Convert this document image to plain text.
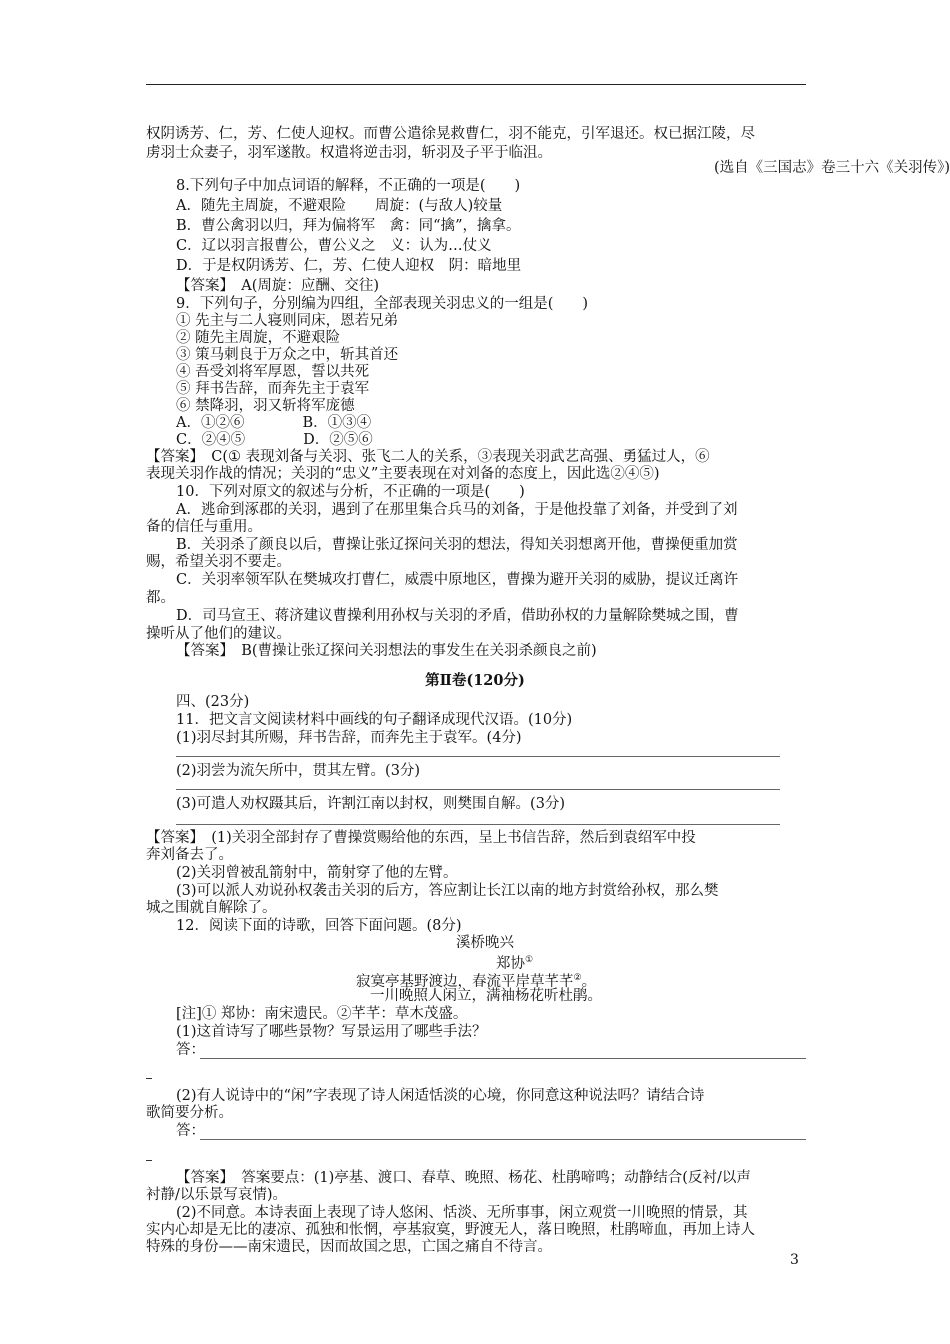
权阴诱芳、仁，芳、仁使人迎权。而曹公遣徐晃救曹仁，羽不能克，引军退还。权已据江陵，尽
虏羽士众妻子，羽军遂散。权遣将逆击羽，斩羽及子平于临沮。
(选自《三国志》卷三十六《关羽传》)
8.下列句子中加点词语的解释，不正确的一项是(　　)
A．随先主周旋，不避艰险　　周旋：(与敌人)较量
B．曹公禽羽以归，拜为偏将军　禽：同“擒”，擒拿。
C．辽以羽言报曹公，曹公义之　义：认为…仗义
D．于是权阴诱芳、仁，芳、仁使人迎权　阴：暗地里
【答案】　A(周旋：应酬、交往)
9．下列句子，分别编为四组，全部表现关羽忠义的一组是(　　)
① 先主与二人寝则同床，恩若兄弟
② 随先主周旋，不避艰险
③ 策马刺良于万众之中，斩其首还
④ 吾受刘将军厚恩，誓以共死
⑤ 拜书告辞，而奔先主于袁军
⑥ 禁降羽，羽又斩将军庞德
A．①②⑥　　　　B．①③④
C．②④⑤　　　　D．②⑤⑥
【答案】　C(① 表现刘备与关羽、张飞二人的关系，③表现关羽武艺高强、勇猛过人，⑥
表现关羽作战的情况；关羽的“忠义”主要表现在对刘备的态度上，因此选②④⑤)
10．下列对原文的叙述与分析，不正确的一项是(　　)
A．逃命到涿郡的关羽，遇到了在那里集合兵马的刘备，于是他投靠了刘备，并受到了刘
备的信任与重用。
B．关羽杀了颜良以后，曹操让张辽探问关羽的想法，得知关羽想离开他，曹操便重加赏
赐，希望关羽不要走。
C．关羽率领军队在樊城攻打曹仁，威震中原地区，曹操为避开关羽的威胁，提议迁离许
都。
D．司马宣王、蒋济建议曹操利用孙权与关羽的矛盾，借助孙权的力量解除樊城之围，曹
操听从了他们的建议。
【答案】　B(曹操让张辽探问关羽想法的事发生在关羽杀颜良之前)
第Ⅱ卷(120分)
四、(23分)
11．把文言文阅读材料中画线的句子翻译成现代汉语。(10分)
(1)羽尽封其所赐，拜书告辞，而奔先主于袁军。(4分)
(2)羽尝为流矢所中，贯其左臂。(3分)
(3)可遣人劝权蹑其后，许割江南以封权，则樊围自解。(3分)
【答案】　(1)关羽全部封存了曹操赏赐给他的东西，呈上书信告辞，然后到袁绍军中投
奔刘备去了。
(2)关羽曾被乱箭射中，箭射穿了他的左臂。
(3)可以派人劝说孙权袭击关羽的后方，答应割让长江以南的地方封赏给孙权，那么樊
城之围就自解除了。
12．阅读下面的诗歌，回答下面问题。(8分)
溪桥晚兴
郑协①
寂寞亭基野渡边，春流平岸草芊芊②。
一川晚照人闲立，满袖杨花听杜鹃。
[注]① 郑协：南宋遗民。②芊芊：草木茂盛。
(1)这首诗写了哪些景物？写景运用了哪些手法？
答：
(2)有人说诗中的“闲”字表现了诗人闲适恬淡的心境，你同意这种说法吗？请结合诗
歌简要分析。
答：
【答案】　答案要点：(1)亭基、渡口、春草、晚照、杨花、杜鹃啼鸣；动静结合(反衬/以声
衬静/以乐景写哀情)。
(2)不同意。本诗表面上表现了诗人悠闲、恬淡、无所事事，闲立观赏一川晚照的情景，其
实内心却是无比的凄凉、孤独和怅惘，亭基寂寞，野渡无人，落日晚照，杜鹃啼血，再加上诗人
特殊的身份——南宋遗民，因而故国之思，亡国之痛自不待言。
3
